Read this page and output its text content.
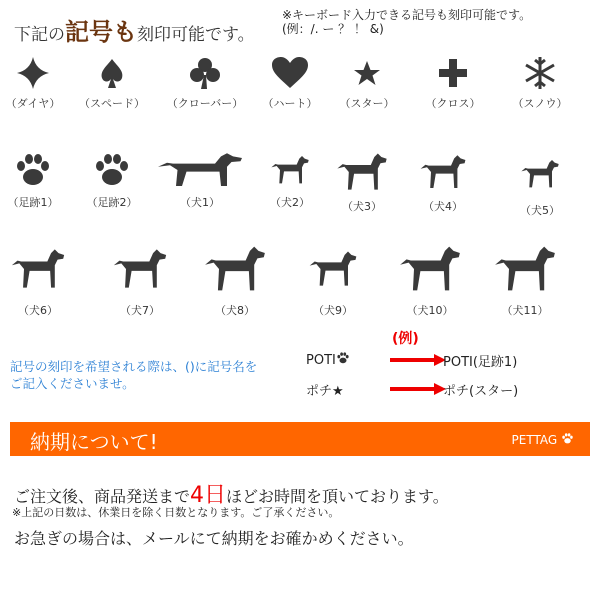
下記の記号も刻印可能です。
※キーボード入力できる記号も刻印可能です。
(例：/. ー ？ ！ &)
（ダイヤ）	（スペード）	（クローバー）	（ハート）	（スター）	（クロス）	（スノウ）
（足跡1）	（足跡2）	（犬1）	（犬2）	（犬3）	（犬4）	（犬5）
（犬6）	（犬7）	（犬8）	（犬9）	（犬10）	（犬11）
記号の刻印を希望される際は、()に記号名を
ご記入くださいませ。
(例)
POTI	POTI(足跡1)
ポチ★	ポチ(スター)
納期について!	PETTAG
ご注文後、商品発送まで4日ほどお時間を頂いております。
※上記の日数は、休業日を除く日数となります。ご了承ください。
お急ぎの場合は、メールにて納期をお確かめください。
